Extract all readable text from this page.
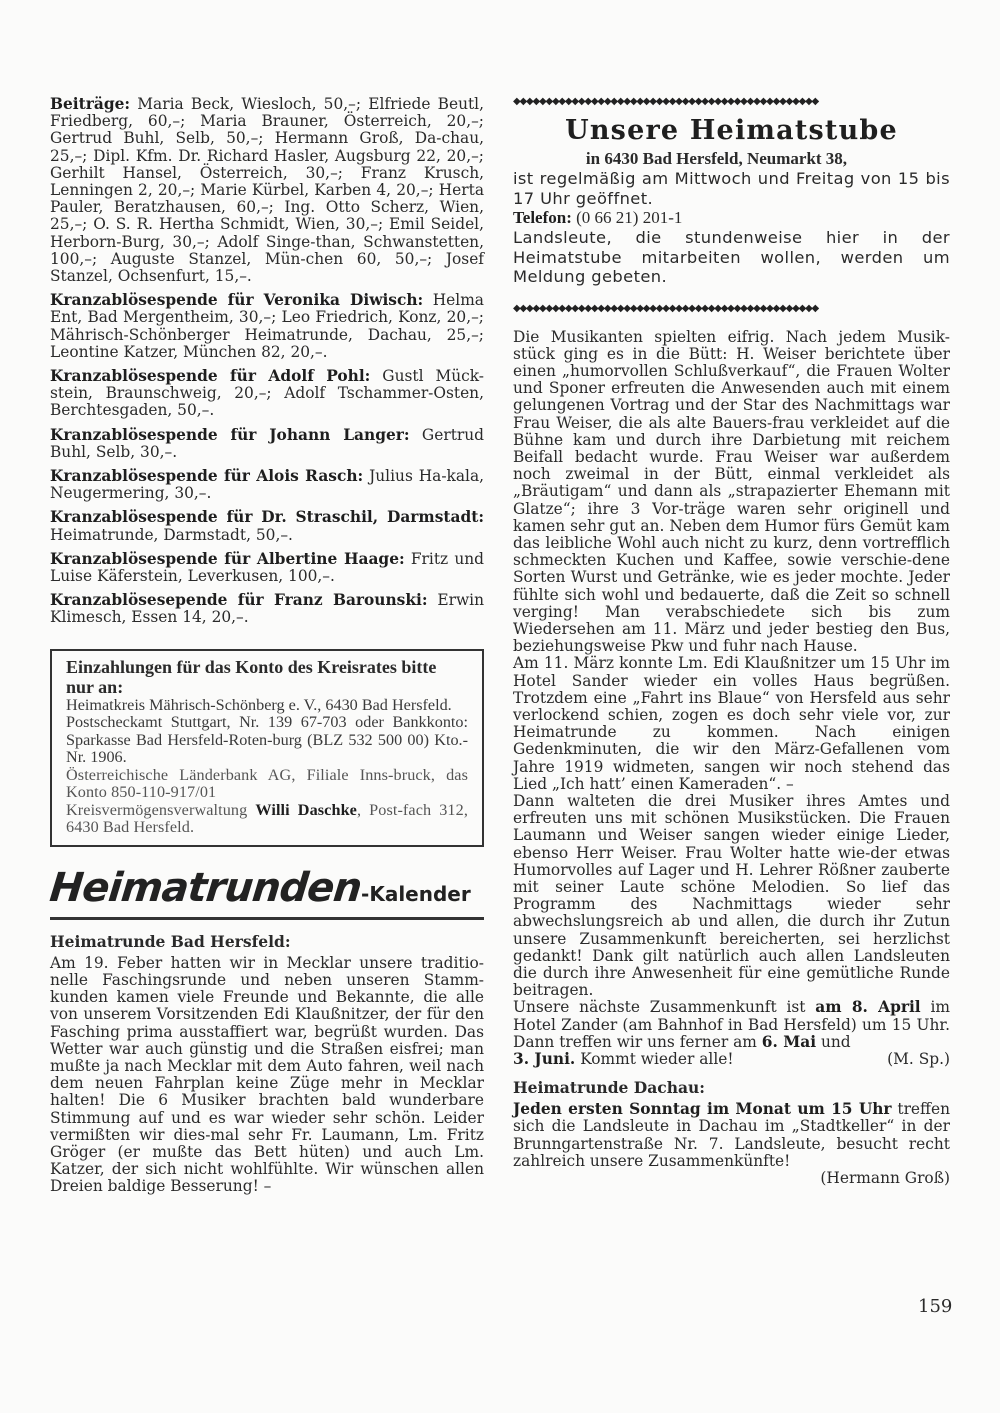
Beiträge: Maria Beck, Wiesloch, 50,–; Elfriede Beutl, Friedberg, 60,–; Maria Brauner, Österreich, 20,–; Gertrud Buhl, Selb, 50,–; Hermann Groß, Da-chau, 25,–; Dipl. Kfm. Dr. Richard Hasler, Augsburg 22, 20,–; Gerhilt Hansel, Österreich, 30,–; Franz Krusch, Lenningen 2, 20,–; Marie Kürbel, Karben 4, 20,–; Herta Pauler, Beratzhausen, 60,–; Ing. Otto Scherz, Wien, 25,–; O. S. R. Hertha Schmidt, Wien, 30,–; Emil Seidel, Herborn-Burg, 30,–; Adolf Singe-than, Schwanstetten, 100,–; Auguste Stanzel, Mün-chen 60, 50,–; Josef Stanzel, Ochsenfurt, 15,–.

Kranzablösespende für Veronika Diwisch: Helma Ent, Bad Mergentheim, 30,–; Leo Friedrich, Konz, 20,–; Mährisch-Schönberger Heimatrunde, Dachau, 25,–; Leontine Katzer, München 82, 20,–.

Kranzablösespende für Adolf Pohl: Gustl Mück-stein, Braunschweig, 20,–; Adolf Tschammer-Osten, Berchtesgaden, 50,–.

Kranzablösespende für Johann Langer: Gertrud Buhl, Selb, 30,–.

Kranzablösespende für Alois Rasch: Julius Ha-kala, Neugermering, 30,–.

Kranzablösespende für Dr. Straschil, Darmstadt: Heimatrunde, Darmstadt, 50,–.

Kranzablösespende für Albertine Haage: Fritz und Luise Käferstein, Leverkusen, 100,–.

Kranzablösesepende für Franz Barounski: Erwin Klimesch, Essen 14, 20,–.

Einzahlungen für das Konto des Kreisrates bitte nur an:

Heimatkreis Mährisch-Schönberg e. V., 6430 Bad Hersfeld.

Postscheckamt Stuttgart, Nr. 139 67-703 oder Bankkonto: Sparkasse Bad Hersfeld-Roten-burg (BLZ 532 500 00) Kto.-Nr. 1906.

Österreichische Länderbank AG, Filiale Inns-bruck, das Konto 850-110-917/01

Kreisvermögensverwaltung Willi Daschke, Post-fach 312, 6430 Bad Hersfeld.

Heimatrunden
-Kalender

Heimatrunde Bad Hersfeld:

Am 19. Feber hatten wir in Mecklar unsere traditio-nelle Faschingsrunde und neben unseren Stamm-kunden kamen viele Freunde und Bekannte, die alle von unserem Vorsitzenden Edi Klaußnitzer, der für den Fasching prima ausstaffiert war, begrüßt wurden. Das Wetter war auch günstig und die Straßen eisfrei; man mußte ja nach Mecklar mit dem Auto fahren, weil nach dem neuen Fahrplan keine Züge mehr in Mecklar halten! Die 6 Musiker brachten bald wunderbare Stimmung auf und es war wieder sehr schön. Leider vermißten wir dies-mal sehr Fr. Laumann, Lm. Fritz Gröger (er mußte das Bett hüten) und auch Lm. Katzer, der sich nicht wohlfühlte. Wir wünschen allen Dreien baldige Besserung! –

◆◆◆◆◆◆◆◆◆◆◆◆◆◆◆◆◆◆◆◆◆◆◆◆◆◆◆◆◆◆◆◆◆◆◆◆◆◆◆◆◆◆◆◆◆◆◆
Unsere Heimatstube
in 6430 Bad Hersfeld, Neumarkt 38,

ist regelmäßig am Mittwoch und Freitag von 15 bis 17 Uhr geöffnet.

Telefon: (0 66 21) 201-1

Landsleute, die stundenweise hier in der Heimatstube mitarbeiten wollen, werden um Meldung gebeten.

◆◆◆◆◆◆◆◆◆◆◆◆◆◆◆◆◆◆◆◆◆◆◆◆◆◆◆◆◆◆◆◆◆◆◆◆◆◆◆◆◆◆◆◆◆◆◆

Die Musikanten spielten eifrig. Nach jedem Musik-stück ging es in die Bütt: H. Weiser berichtete über einen „humorvollen Schlußverkauf“, die Frauen Wolter und Sponer erfreuten die Anwesenden auch mit einem gelungenen Vortrag und der Star des Nachmittags war Frau Weiser, die als alte Bauers-frau verkleidet auf die Bühne kam und durch ihre Darbietung mit reichem Beifall bedacht wurde. Frau Weiser war außerdem noch zweimal in der Bütt, einmal verkleidet als „Bräutigam“ und dann als „strapazierter Ehemann mit Glatze“; ihre 3 Vor-träge waren sehr originell und kamen sehr gut an. Neben dem Humor fürs Gemüt kam das leibliche Wohl auch nicht zu kurz, denn vortrefflich schmeckten Kuchen und Kaffee, sowie verschie-dene Sorten Wurst und Getränke, wie es jeder mochte. Jeder fühlte sich wohl und bedauerte, daß die Zeit so schnell verging! Man verabschiedete sich bis zum Wiedersehen am 11. März und jeder bestieg den Bus, beziehungsweise Pkw und fuhr nach Hause.

Am 11. März konnte Lm. Edi Klaußnitzer um 15 Uhr im Hotel Sander wieder ein volles Haus begrüßen. Trotzdem eine „Fahrt ins Blaue“ von Hersfeld aus sehr verlockend schien, zogen es doch sehr viele vor, zur Heimatrunde zu kommen. Nach einigen Gedenkminuten, die wir den März-Gefallenen vom Jahre 1919 widmeten, sangen wir noch stehend das Lied „Ich hatt’ einen Kameraden“. –

Dann walteten die drei Musiker ihres Amtes und erfreuten uns mit schönen Musikstücken. Die Frauen Laumann und Weiser sangen wieder einige Lieder, ebenso Herr Weiser. Frau Wolter hatte wie-der etwas Humorvolles auf Lager und H. Lehrer Rößner zauberte mit seiner Laute schöne Melodien. So lief das Programm des Nachmittags wieder sehr abwechslungsreich ab und allen, die durch ihr Zutun unsere Zusammenkunft bereicherten, sei herzlichst gedankt! Dank gilt natürlich auch allen Landsleuten die durch ihre Anwesenheit für eine gemütliche Runde beitragen.

Unsere nächste Zusammenkunft ist am 8. April im Hotel Zander (am Bahnhof in Bad Hersfeld) um 15 Uhr. Dann treffen wir uns ferner am 6. Mai und

3. Juni. Kommt wieder alle!	(M. Sp.)

Heimatrunde Dachau:

Jeden ersten Sonntag im Monat um 15 Uhr treffen sich die Landsleute in Dachau im „Stadtkeller“ in der Brunngartenstraße Nr. 7. Landsleute, besucht recht zahlreich unsere Zusammenkünfte!

(Hermann Groß)

159
